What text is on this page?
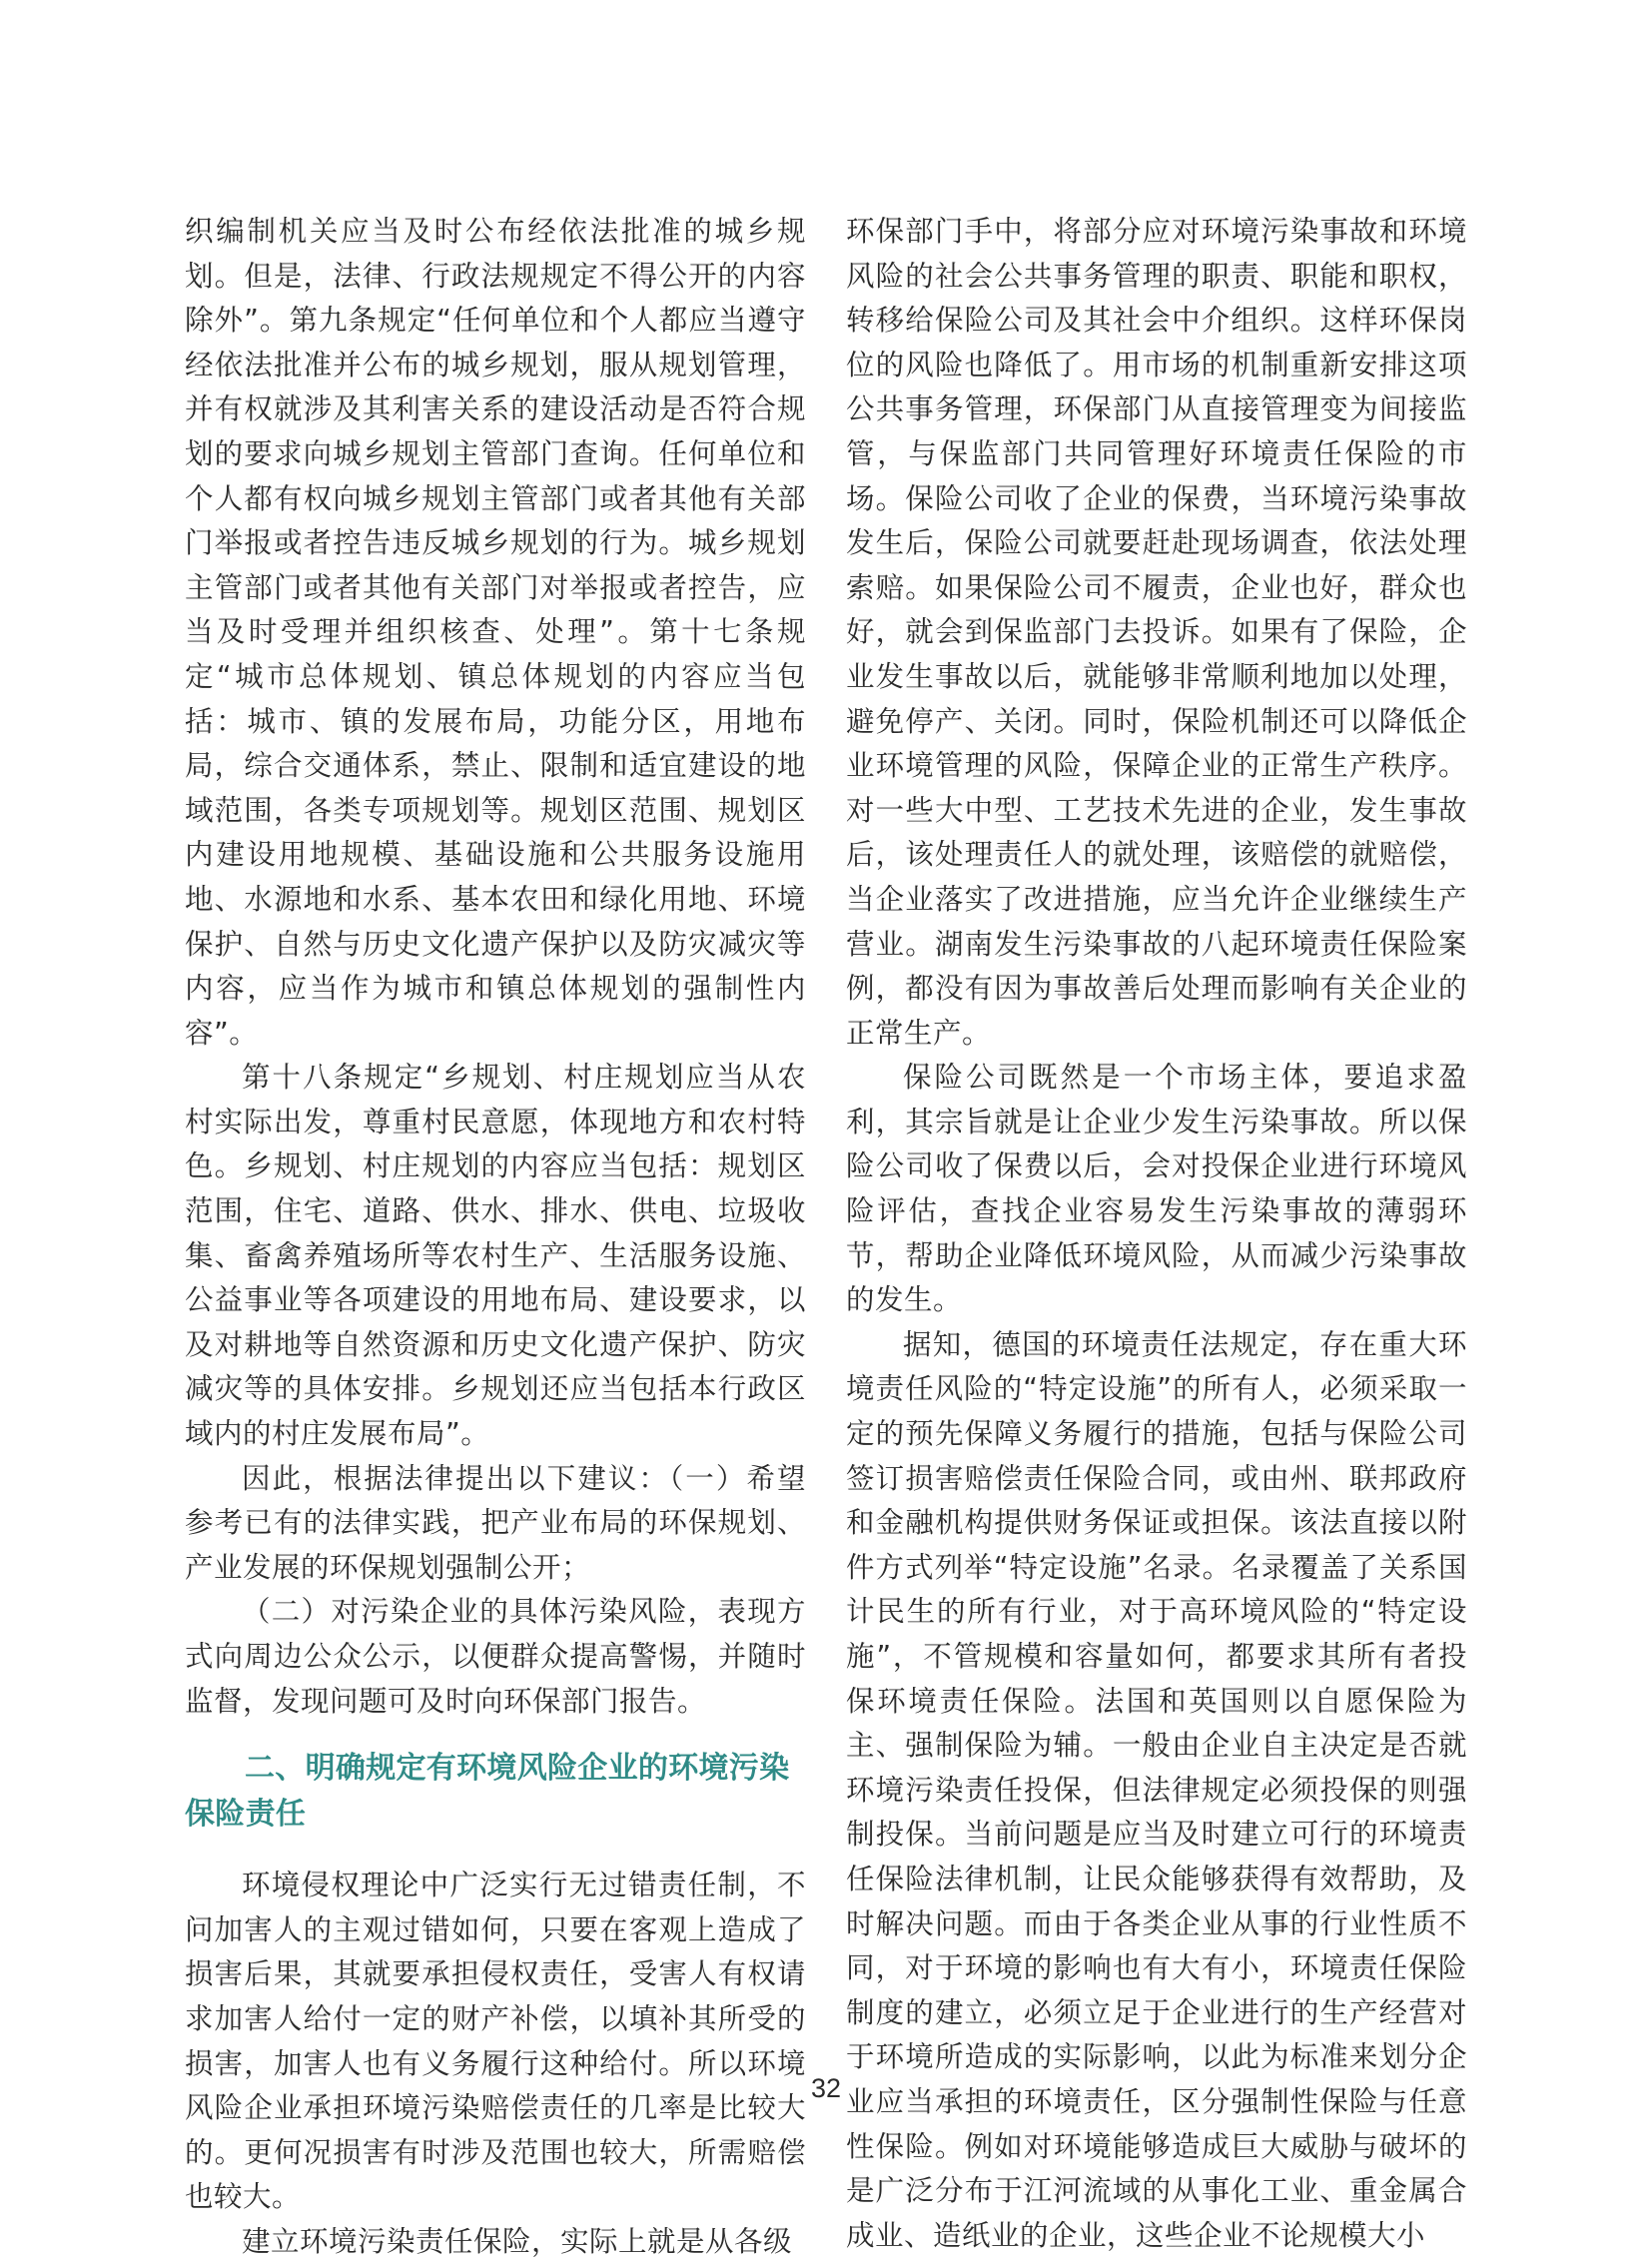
织编制机关应当及时公布经依法批准的城乡规划。但是，法律、行政法规规定不得公开的内容除外”。第九条规定“任何单位和个人都应当遵守经依法批准并公布的城乡规划，服从规划管理，并有权就涉及其利害关系的建设活动是否符合规划的要求向城乡规划主管部门查询。任何单位和个人都有权向城乡规划主管部门或者其他有关部门举报或者控告违反城乡规划的行为。城乡规划主管部门或者其他有关部门对举报或者控告，应当及时受理并组织核查、处理”。第十七条规定“城市总体规划、镇总体规划的内容应当包括：城市、镇的发展布局，功能分区，用地布局，综合交通体系，禁止、限制和适宜建设的地域范围，各类专项规划等。规划区范围、规划区内建设用地规模、基础设施和公共服务设施用地、水源地和水系、基本农田和绿化用地、环境保护、自然与历史文化遗产保护以及防灾减灾等内容，应当作为城市和镇总体规划的强制性内容”。

第十八条规定“乡规划、村庄规划应当从农村实际出发，尊重村民意愿，体现地方和农村特色。乡规划、村庄规划的内容应当包括：规划区范围，住宅、道路、供水、排水、供电、垃圾收集、畜禽养殖场所等农村生产、生活服务设施、公益事业等各项建设的用地布局、建设要求，以及对耕地等自然资源和历史文化遗产保护、防灾减灾等的具体安排。乡规划还应当包括本行政区域内的村庄发展布局”。

因此，根据法律提出以下建议：（一）希望参考已有的法律实践，把产业布局的环保规划、产业发展的环保规划强制公开；

（二）对污染企业的具体污染风险，表现方式向周边公众公示，以便群众提高警惕，并随时监督，发现问题可及时向环保部门报告。

二、明确规定有环境风险企业的环境污染保险责任

环境侵权理论中广泛实行无过错责任制，不问加害人的主观过错如何，只要在客观上造成了损害后果，其就要承担侵权责任，受害人有权请求加害人给付一定的财产补偿，以填补其所受的损害，加害人也有义务履行这种给付。所以环境风险企业承担环境污染赔偿责任的几率是比较大的。更何况损害有时涉及范围也较大，所需赔偿也较大。

建立环境污染责任保险，实际上就是从各级

环保部门手中，将部分应对环境污染事故和环境风险的社会公共事务管理的职责、职能和职权，转移给保险公司及其社会中介组织。这样环保岗位的风险也降低了。用市场的机制重新安排这项公共事务管理，环保部门从直接管理变为间接监管，与保监部门共同管理好环境责任保险的市场。保险公司收了企业的保费，当环境污染事故发生后，保险公司就要赶赴现场调查，依法处理索赔。如果保险公司不履责，企业也好，群众也好，就会到保监部门去投诉。如果有了保险，企业发生事故以后，就能够非常顺利地加以处理，避免停产、关闭。同时，保险机制还可以降低企业环境管理的风险，保障企业的正常生产秩序。对一些大中型、工艺技术先进的企业，发生事故后，该处理责任人的就处理，该赔偿的就赔偿，当企业落实了改进措施，应当允许企业继续生产营业。湖南发生污染事故的八起环境责任保险案例，都没有因为事故善后处理而影响有关企业的正常生产。

保险公司既然是一个市场主体，要追求盈利，其宗旨就是让企业少发生污染事故。所以保险公司收了保费以后，会对投保企业进行环境风险评估，查找企业容易发生污染事故的薄弱环节，帮助企业降低环境风险，从而减少污染事故的发生。

据知，德国的环境责任法规定，存在重大环境责任风险的“特定设施”的所有人，必须采取一定的预先保障义务履行的措施，包括与保险公司签订损害赔偿责任保险合同，或由州、联邦政府和金融机构提供财务保证或担保。该法直接以附件方式列举“特定设施”名录。名录覆盖了关系国计民生的所有行业，对于高环境风险的“特定设施”，不管规模和容量如何，都要求其所有者投保环境责任保险。法国和英国则以自愿保险为主、强制保险为辅。一般由企业自主决定是否就环境污染责任投保，但法律规定必须投保的则强制投保。当前问题是应当及时建立可行的环境责任保险法律机制，让民众能够获得有效帮助，及时解决问题。而由于各类企业从事的行业性质不同，对于环境的影响也有大有小，环境责任保险制度的建立，必须立足于企业进行的生产经营对于环境所造成的实际影响，以此为标准来划分企业应当承担的环境责任，区分强制性保险与任意性保险。例如对环境能够造成巨大威胁与破坏的是广泛分布于江河流域的从事化工业、重金属合成业、造纸业的企业，这些企业不论规模大小

32
